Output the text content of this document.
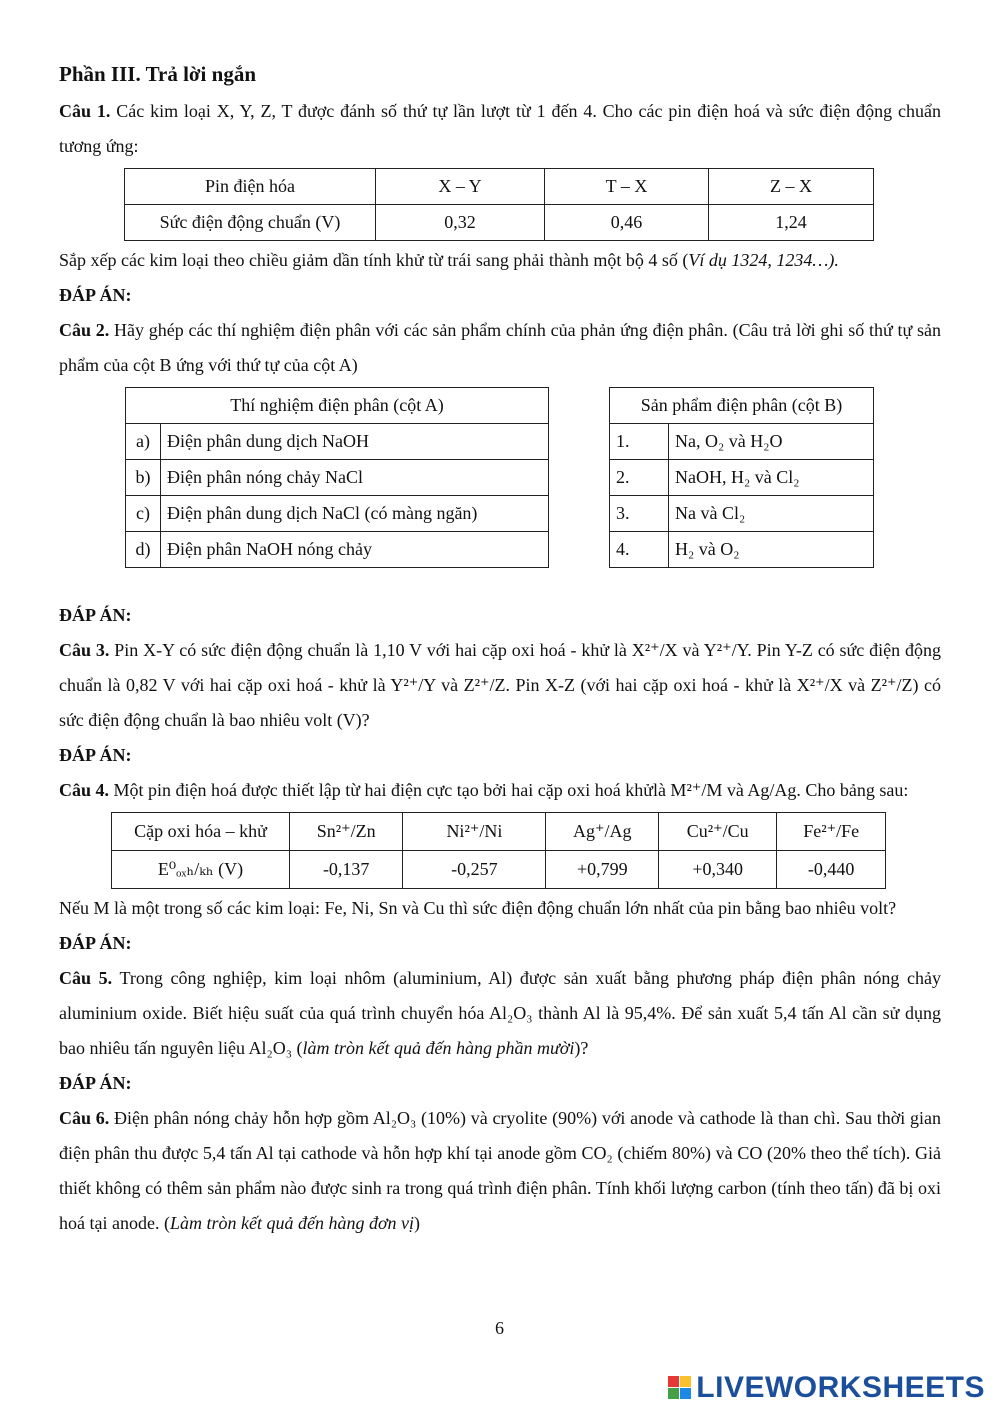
Phần III. Trả lời ngắn

Câu 1. Các kim loại X, Y, Z, T được đánh số thứ tự lần lượt từ 1 đến 4. Cho các pin điện hoá và sức điện động chuẩn tương ứng:

Pin điện hóa	X – Y	T – X	Z – X
Sức điện động chuẩn (V)	0,32	0,46	1,24

Sắp xếp các kim loại theo chiều giảm dần tính khử từ trái sang phải thành một bộ 4 số (Ví dụ 1324, 1234…).

ĐÁP ÁN:

Câu 2. Hãy ghép các thí nghiệm điện phân với các sản phẩm chính của phản ứng điện phân. (Câu trả lời ghi số thứ tự sản phẩm của cột B ứng với thứ tự của cột A)

Thí nghiệm điện phân (cột A)			Sản phẩm điện phân (cột B)	
a)	Điện phân dung dịch NaOH		1.	Na, O₂ và H₂O
b)	Điện phân nóng chảy NaCl		2.	NaOH, H₂ và Cl₂
c)	Điện phân dung dịch NaCl (có màng ngăn)		3.	Na và Cl₂
d)	Điện phân NaOH nóng chảy		4.	H₂ và O₂

ĐÁP ÁN:

Câu 3. Pin X-Y có sức điện động chuẩn là 1,10 V với hai cặp oxi hoá - khử là X²⁺/X và Y²⁺/Y. Pin Y-Z có sức điện động chuẩn là 0,82 V với hai cặp oxi hoá - khử là Y²⁺/Y và Z²⁺/Z. Pin X-Z (với hai cặp oxi hoá - khử là X²⁺/X và Z²⁺/Z) có sức điện động chuẩn là bao nhiêu volt (V)?

ĐÁP ÁN:

Câu 4. Một pin điện hoá được thiết lập từ hai điện cực tạo bởi hai cặp oxi hoá khửlà M²⁺/M và Ag/Ag. Cho bảng sau:

Cặp oxi hóa – khử	Sn²⁺/Zn	Ni²⁺/Ni	Ag⁺/Ag	Cu²⁺/Cu	Fe²⁺/Fe
E⁰ₒₓₕ/ₖₕ (V)	-0,137	-0,257	+0,799	+0,340	-0,440

Nếu M là một trong số các kim loại: Fe, Ni, Sn và Cu thì sức điện động chuẩn lớn nhất của pin bằng bao nhiêu volt?

ĐÁP ÁN:

Câu 5. Trong công nghiệp, kim loại nhôm (aluminium, Al) được sản xuất bằng phương pháp điện phân nóng chảy aluminium oxide. Biết hiệu suất của quá trình chuyển hóa Al₂O₃ thành Al là 95,4%. Để sản xuất 5,4 tấn Al cần sử dụng bao nhiêu tấn nguyên liệu Al₂O₃ (làm tròn kết quả đến hàng phần mười)?

ĐÁP ÁN:

Câu 6. Điện phân nóng chảy hỗn hợp gồm Al₂O₃ (10%) và cryolite (90%) với anode và cathode là than chì. Sau thời gian điện phân thu được 5,4 tấn Al tại cathode và hỗn hợp khí tại anode gồm CO₂ (chiếm 80%) và CO (20% theo thể tích). Giả thiết không có thêm sản phẩm nào được sinh ra trong quá trình điện phân. Tính khối lượng carbon (tính theo tấn) đã bị oxi hoá tại anode. (Làm tròn kết quả đến hàng đơn vị)

6
LIVEWORKSHEETS
